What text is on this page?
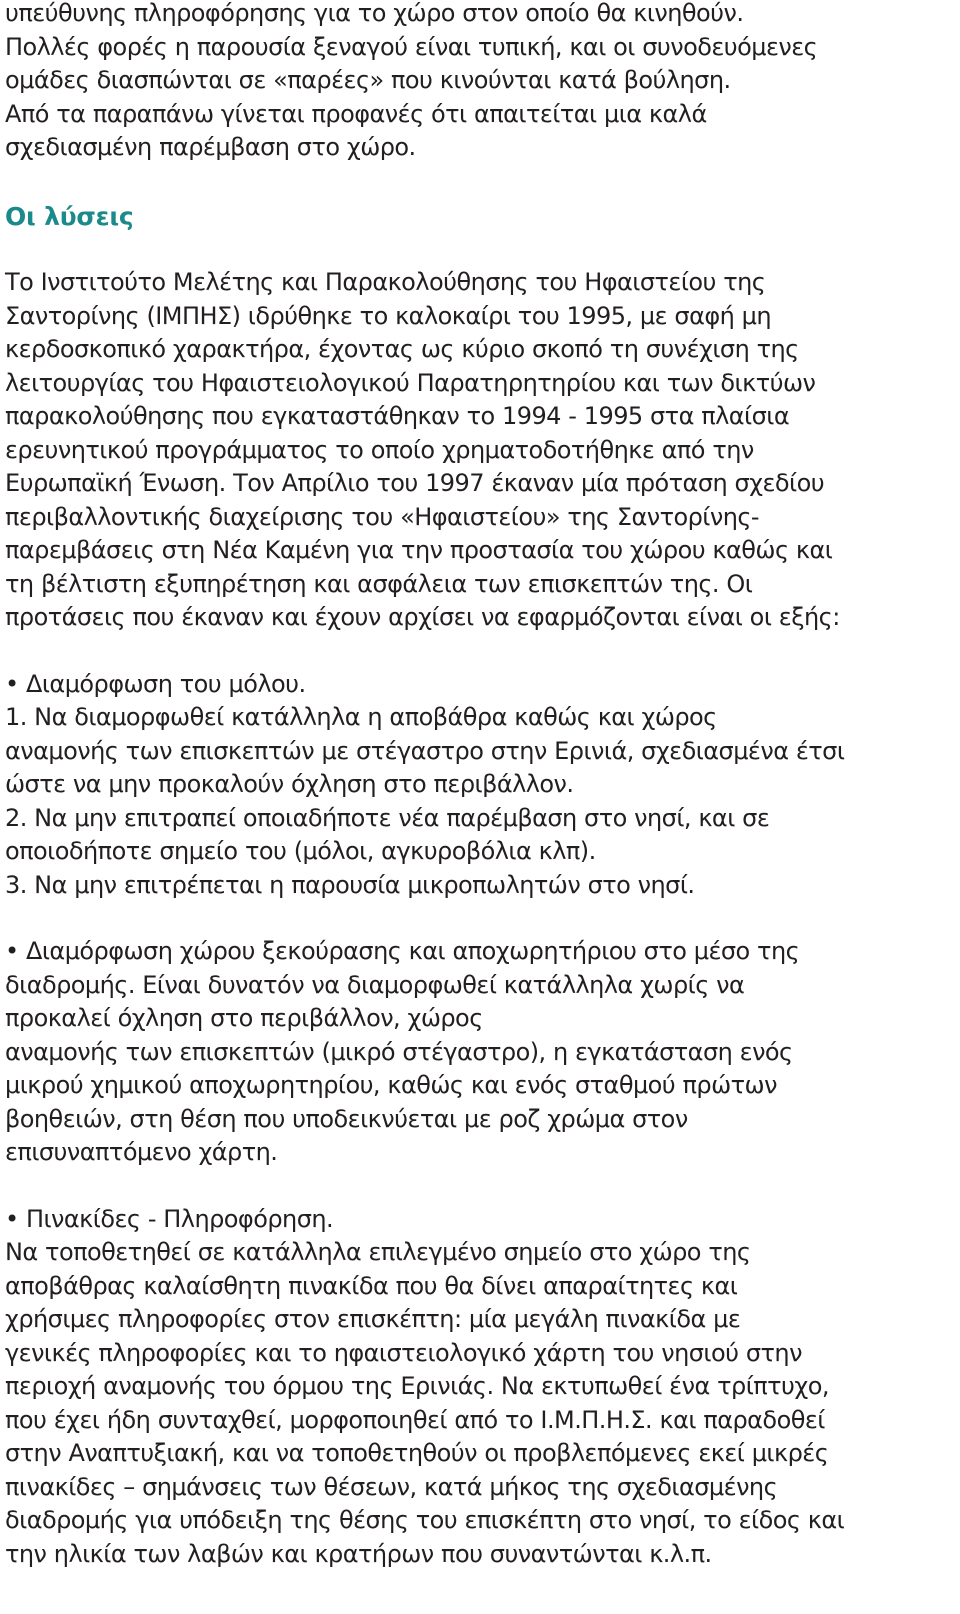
υπεύθυνης πληροφόρησης για το χώρο στον οποίο θα κινηθούν.
Πολλές φορές η παρουσία ξεναγού είναι τυπική, και οι συνοδευόμενες
ομάδες διασπώνται σε «παρέες» που κινούνται κατά βούληση.
Από τα παραπάνω γίνεται προφανές ότι απαιτείται μια καλά
σχεδιασμένη παρέμβαση στο χώρο.
Οι λύσεις
Το Ινστιτούτο Μελέτης και Παρακολούθησης του Ηφαιστείου της
Σαντορίνης (ΙΜΠΗΣ) ιδρύθηκε το καλοκαίρι του 1995, με σαφή μη
κερδοσκοπικό χαρακτήρα, έχοντας ως κύριο σκοπό τη συνέχιση της
λειτουργίας του Ηφαιστειολογικού Παρατηρητηρίου και των δικτύων
παρακολούθησης που εγκαταστάθηκαν το 1994 - 1995 στα πλαίσια
ερευνητικού προγράμματος το οποίο χρηματοδοτήθηκε από την
Ευρωπαϊκή Ένωση. Τον Απρίλιο του 1997 έκαναν μία πρόταση σχεδίου
περιβαλλοντικής διαχείρισης του «Ηφαιστείου» της Σαντορίνης-
παρεμβάσεις στη Νέα Καμένη για την προστασία του χώρου καθώς και
τη βέλτιστη εξυπηρέτηση και ασφάλεια των επισκεπτών της. Οι
προτάσεις που έκαναν και έχουν αρχίσει να εφαρμόζονται είναι οι εξής:
• Διαμόρφωση του μόλου.
1. Να διαμορφωθεί κατάλληλα η αποβάθρα καθώς και χώρος
αναμονής των επισκεπτών με στέγαστρο στην Ερινιά, σχεδιασμένα έτσι
ώστε να μην προκαλούν όχληση στο περιβάλλον.
2. Να μην επιτραπεί οποιαδήποτε νέα παρέμβαση στο νησί, και σε
οποιοδήποτε σημείο του (μόλοι, αγκυροβόλια κλπ).
3. Να μην επιτρέπεται η παρουσία μικροπωλητών στο νησί.
• Διαμόρφωση χώρου ξεκούρασης και αποχωρητήριου στο μέσο της
διαδρομής. Είναι δυνατόν να διαμορφωθεί κατάλληλα χωρίς να
προκαλεί όχληση στο περιβάλλον, χώρος
αναμονής των επισκεπτών (μικρό στέγαστρο), η εγκατάσταση ενός
μικρού χημικού αποχωρητηρίου, καθώς και ενός σταθμού πρώτων
βοηθειών, στη θέση που υποδεικνύεται με ροζ χρώμα στον
επισυναπτόμενο χάρτη.
• Πινακίδες - Πληροφόρηση.
Να τοποθετηθεί σε κατάλληλα επιλεγμένο σημείο στο χώρο της
αποβάθρας καλαίσθητη πινακίδα που θα δίνει απαραίτητες και
χρήσιμες πληροφορίες στον επισκέπτη: μία μεγάλη πινακίδα με
γενικές πληροφορίες και το ηφαιστειολογικό χάρτη του νησιού στην
περιοχή αναμονής του όρμου της Ερινιάς. Να εκτυπωθεί ένα τρίπτυχο,
που έχει ήδη συνταχθεί, μορφοποιηθεί από το Ι.Μ.Π.Η.Σ. και παραδοθεί
στην Αναπτυξιακή, και να τοποθετηθούν οι προβλεπόμενες εκεί μικρές
πινακίδες – σημάνσεις των θέσεων, κατά μήκος της σχεδιασμένης
διαδρομής για υπόδειξη της θέσης του επισκέπτη στο νησί, το είδος και
την ηλικία των λαβών και κρατήρων που συναντώνται κ.λ.π.
